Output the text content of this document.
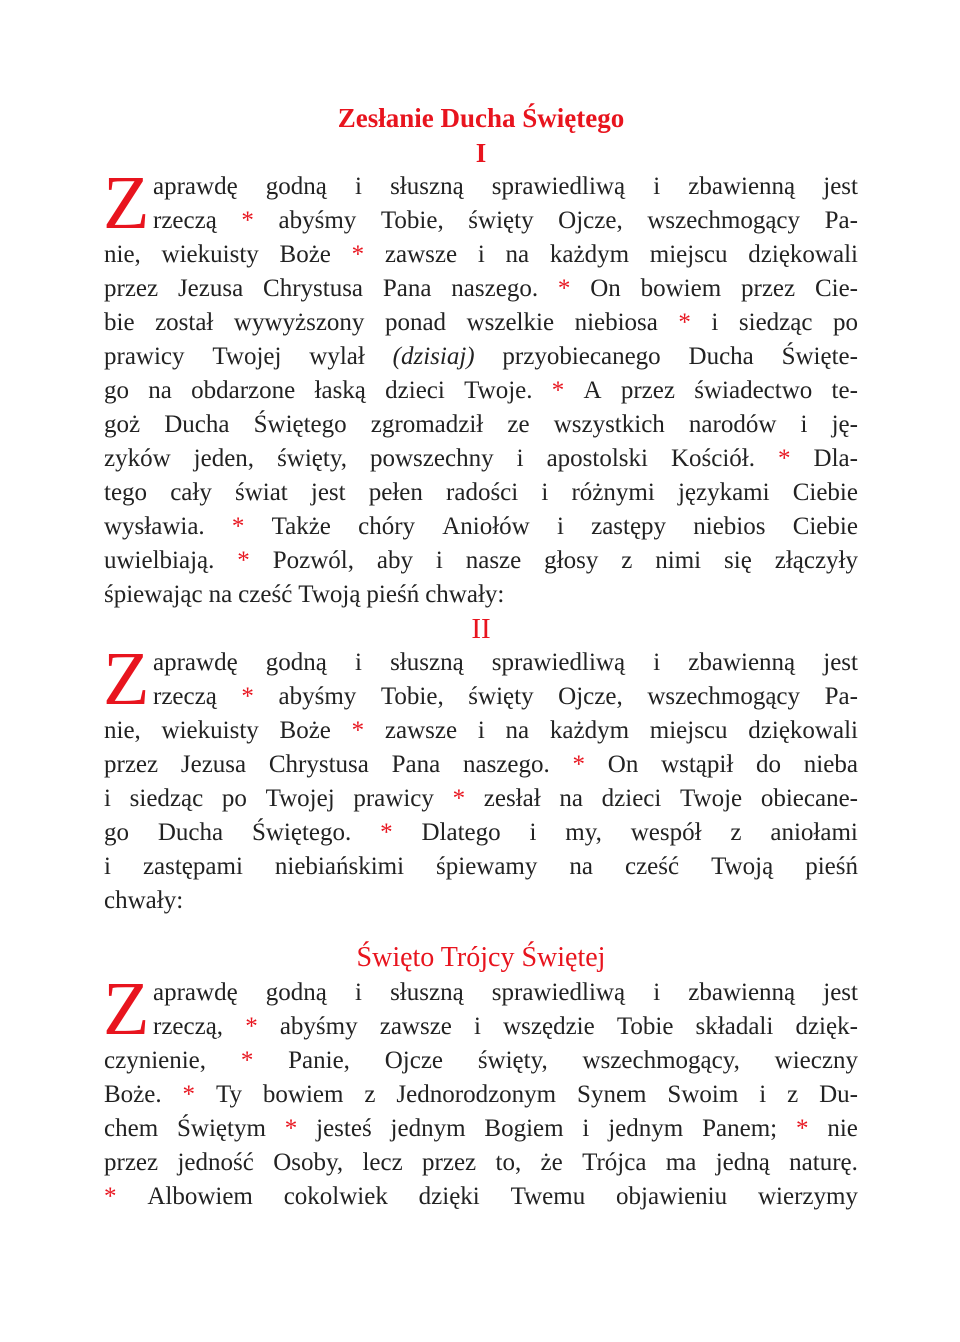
Zesłanie Ducha Świętego
I
Z aprawdę godną i słuszną sprawiedliwą i zbawienną jest
rzeczą * abyśmy Tobie, święty Ojcze, wszechmogący Pa-
nie, wiekuisty Boże * zawsze i na każdym miejscu dziękowali
przez Jezusa Chrystusa Pana naszego. * On bowiem przez Cie-
bie został wywyższony ponad wszelkie niebiosa * i siedząc po
prawicy Twojej wylał (dzisiaj) przyobiecanego Ducha Święte-
go na obdarzone łaską dzieci Twoje. * A przez świadectwo te-
goż Ducha Świętego zgromadził ze wszystkich narodów i ję-
zyków jeden, święty, powszechny i apostolski Kościół. * Dla-
tego cały świat jest pełen radości i różnymi językami Ciebie
wysławia. * Także chóry Aniołów i zastępy niebios Ciebie
uwielbiają. * Pozwól, aby i nasze głosy z nimi się złączyły
śpiewając na cześć Twoją pieśń chwały:
II
Z aprawdę godną i słuszną sprawiedliwą i zbawienną jest
rzeczą * abyśmy Tobie, święty Ojcze, wszechmogący Pa-
nie, wiekuisty Boże * zawsze i na każdym miejscu dziękowali
przez Jezusa Chrystusa Pana naszego. * On wstąpił do nieba
i siedząc po Twojej prawicy * zesłał na dzieci Twoje obiecane-
go Ducha Świętego. * Dlatego i my, wespół z aniołami
i zastępami niebiańskimi śpiewamy na cześć Twoją pieśń
chwały:
Święto Trójcy Świętej
Z aprawdę godną i słuszną sprawiedliwą i zbawienną jest
rzeczą, * abyśmy zawsze i wszędzie Tobie składali dzięk-
czynienie, * Panie, Ojcze święty, wszechmogący, wieczny
Boże. * Ty bowiem z Jednorodzonym Synem Swoim i z Du-
chem Świętym * jesteś jednym Bogiem i jednym Panem; * nie
przez jedność Osoby, lecz przez to, że Trójca ma jedną naturę.
* Albowiem cokolwiek dzięki Twemu objawieniu wierzymy
